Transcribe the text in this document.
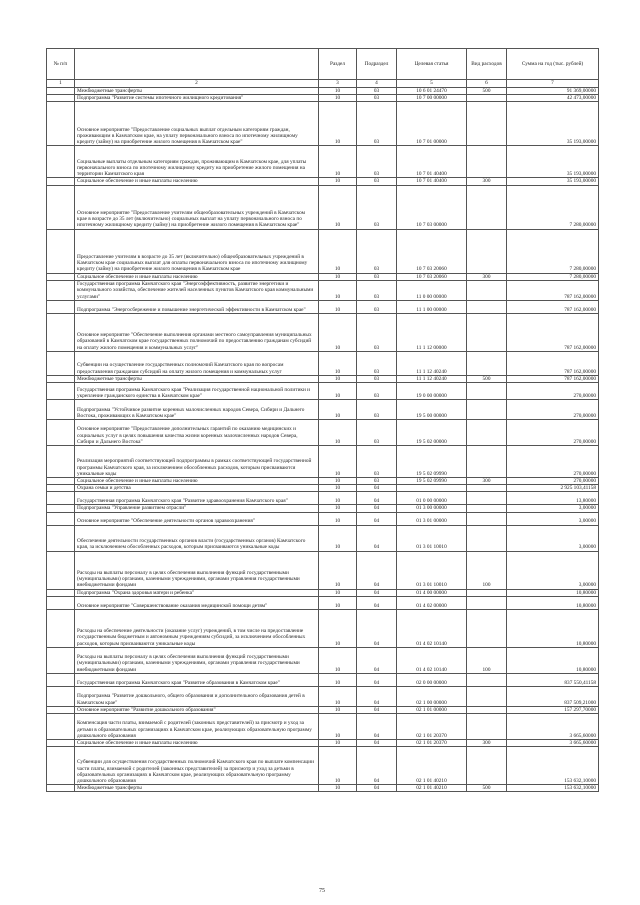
№ п/п		Раздел	Подраздел	Целевая статья	Вид расходов	Сумма на год (тыс. рублей)
1	2	3	4	5	6	7
	Межбюджетные трансферты	10	03	10 6 01 24470	500	91 369,00000
	Подпрограмма "Развитие системы ипотечного жилищного кредитования"	10	03	10 7 00 00000		42 473,00000
	Основное мероприятие "Предоставление социальных выплат отдельным категориям граждан, проживающим в Камчатском крае, на уплату первоначального взноса по ипотечному жилищному кредиту (займу) на приобретение жилого помещения в Камчатском крае"	10	03	10 7 01 00000		35 193,00000
	Социальные выплаты отдельным категориям граждан, проживающим в Камчатском крае, для уплаты первоначального взноса по ипотечному жилищному кредиту на приобретение жилого помещения на территории Камчатского края	10	03	10 7 01 40400		35 193,00000
	Социальное обеспечение и иные выплаты населению	10	03	10 7 01 40400	300	35 193,00000
	Основное мероприятие "Предоставление учителям общеобразовательных учреждений в Камчатском крае в возрасте до 35 лет (включительно) социальных выплат на уплату первоначального взноса по ипотечному жилищному кредиту (займу) на приобретение жилого помещения в Камчатском крае"	10	03	10 7 03 00000		7 280,00000
	Предоставление учителям в возрасте до 35 лет (включительно) общеобразовательных учреждений в Камчатском крае социальных выплат для оплаты первоначального взноса по ипотечному жилищному кредиту (займу) на приобретение жилого помещения в Камчатском крае	10	03	10 7 03 20060		7 280,00000
	Социальное обеспечение и иные выплаты населению	10	03	10 7 03 20060	300	7 280,00000
	Государственная программа Камчатского края "Энергоэффективность, развитие энергетики и коммунального хозяйства, обеспечение жителей населенных пунктов Камчатского края коммунальными услугами"	10	03	11 0 00 00000		787 162,00000
	Подпрограмма "Энергосбережение и повышение энергетической эффективности в Камчатском крае"	10	03	11 1 00 00000		787 162,00000
	Основное мероприятие "Обеспечение выполнения органами местного самоуправления муниципальных образований в Камчатском крае государственных полномочий по предоставлению гражданам субсидий на оплату жилого помещения и коммунальных услуг"	10	03	11 1 12 00000		787 162,00000
	Субвенции на осуществление государственных полномочий Камчатского края по вопросам предоставления гражданам субсидий на оплату жилого помещения и коммунальных услуг	10	03	11 1 12 40240		787 162,00000
	Межбюджетные трансферты	10	03	11 1 12 40240	500	787 162,00000
	Государственная программа Камчатского края "Реализация государственной национальной политики и укрепление гражданского единства в Камчатском крае"	10	03	19 0 00 00000		270,00000
	Подпрограмма "Устойчивое развитие коренных малочисленных народов Севера, Сибири и Дальнего Востока, проживающих в Камчатском крае"	10	03	19 5 00 00000		270,00000
	Основное мероприятие "Предоставление дополнительных гарантий по оказанию медицинских и социальных услуг в целях повышения качества жизни коренных малочисленных народов Севера, Сибири и Дальнего Востока"	10	03	19 5 02 00000		270,00000
	Реализация мероприятий соответствующей подпрограммы в рамках соответствующей государственной программы Камчатского края, за исключением обособленных расходов, которым присваиваются уникальные коды	10	03	19 5 02 09990		270,00000
	Социальное обеспечение и иные выплаты населению	10	03	19 5 02 09990	300	270,00000
	Охрана семьи и детства	10	04			2 925 103,41158
	Государственная программа Камчатского края "Развитие здравоохранения Камчатского края"	10	04	01 0 00 00000		13,80000
	Подпрограмма "Управление развитием отрасли"	10	04	01 3 00 00000		3,00000
	Основное мероприятие "Обеспечение деятельности органов здравоохранения"	10	04	01 3 01 00000		3,00000
	Обеспечение деятельности государственных органов власти (государственных органов) Камчатского края, за исключением обособленных расходов, которым присваиваются уникальные коды	10	04	01 3 01 10010		3,00000
	Расходы на выплаты персоналу в целях обеспечения выполнения функций государственными (муниципальными) органами, казенными учреждениями, органами управления государственными внебюджетными фондами	10	04	01 3 01 10010	100	3,00000
	Подпрограмма "Охрана здоровья матери и ребенка"	10	04	01 4 00 00000		10,80000
	Основное мероприятие "Совершенствование оказания медицинской помощи детям"	10	04	01 4 02 00000		10,80000
	Расходы на обеспечение деятельности (оказание услуг) учреждений, в том числе на предоставление государственным бюджетным и автономным учреждениям субсидий, за исключением обособленных расходов, которым присваиваются уникальные коды	10	04	01 4 02 10140		10,80000
	Расходы на выплаты персоналу в целях обеспечения выполнения функций государственными (муниципальными) органами, казенными учреждениями, органами управления государственными внебюджетными фондами	10	04	01 4 02 10140	100	10,80000
	Государственная программа Камчатского края "Развитие образования в Камчатском крае"	10	04	02 0 00 00000		837 550,41158
	Подпрограмма "Развитие дошкольного, общего образования и дополнительного образования детей в Камчатском крае"	10	04	02 1 00 00000		837 509,21000
	Основное мероприятие "Развитие дошкольного образования"	10	04	02 1 01 00000		157 297,70000
	Компенсация части платы, взимаемой с родителей (законных представителей) за присмотр и уход за детьми в образовательных организациях в Камчатском крае, реализующих образовательную программу дошкольного образования	10	04	02 1 01 20370		3 665,60000
	Социальное обеспечение и иные выплаты населению	10	04	02 1 01 20370	300	3 665,60000
	Субвенции для осуществления государственных полномочий Камчатского края по выплате компенсации части платы, взимаемой с родителей (законных представителей) за присмотр и уход за детьми в образовательных организациях в Камчатском крае, реализующих образовательную программу дошкольного образования	10	04	02 1 01 40210		153 632,10000
	Межбюджетные трансферты	10	04	02 1 01 40210	500	153 632,10000
75
